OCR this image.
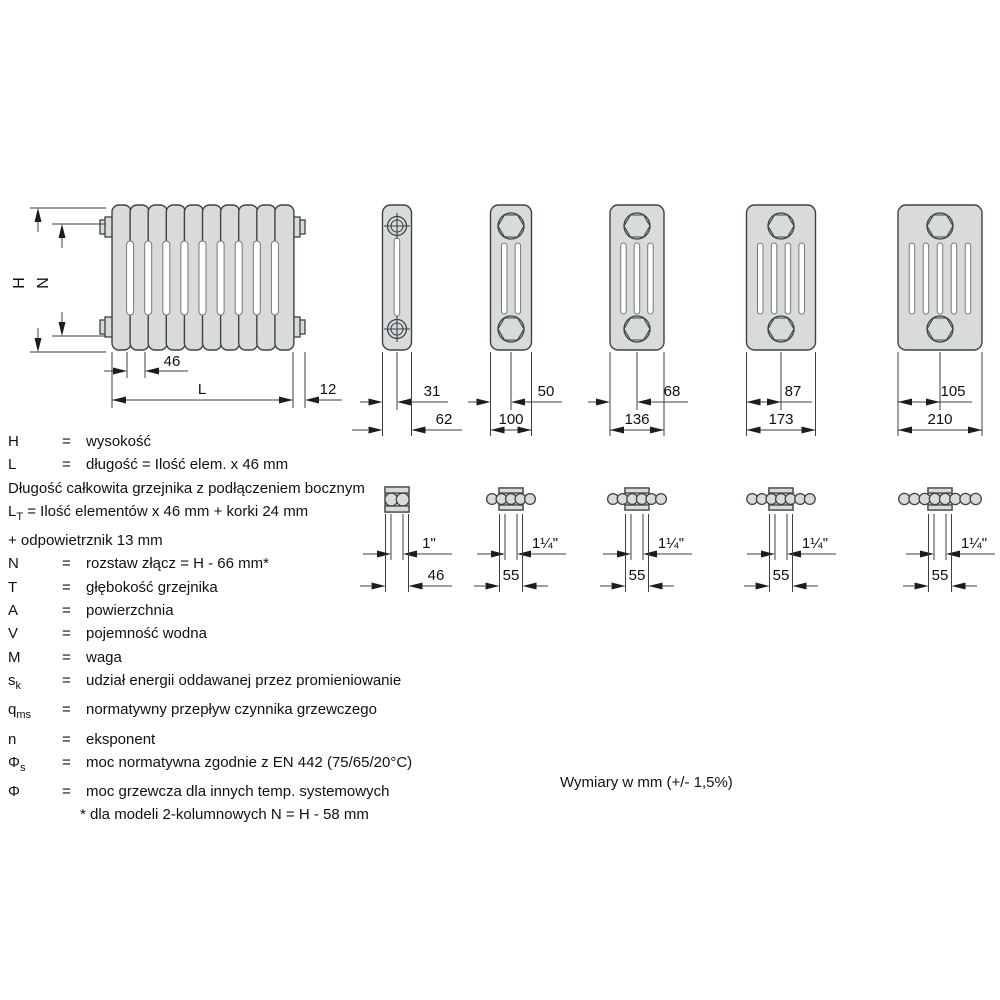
H N
46
L	12	31
62
50
100
68
136
87
173
105
210
1"
46
1¼"
55
1¼"
55
1¼"
55
1¼"
55
H	= wysokość
L	= długość = Ilość elem. x 46 mm
Długość całkowita grzejnika z podłączeniem bocznym
$L_T$ = Ilość elementów x 46 mm + korki 24 mm
+ odpowietrznik 13 mm
N	= rozstaw złącz = H - 66 mm*
T	= głębokość grzejnika
A	= powierzchnia
V	= pojemność wodna
M	= waga
$s_k$	= udział energii oddawanej przez promieniowanie
$q_{ms}$ = normatywny przepływ czynnika grzewczego
n	= eksponent
$\Phi_s$ = moc normatywna zgodnie z EN 442 (75/65/20°C)
Φ	= moc grzewcza dla innych temp. systemowych
* dla modeli 2-kolumnowych N = H - 58 mm
Wymiary w mm (+/- 1,5%)
